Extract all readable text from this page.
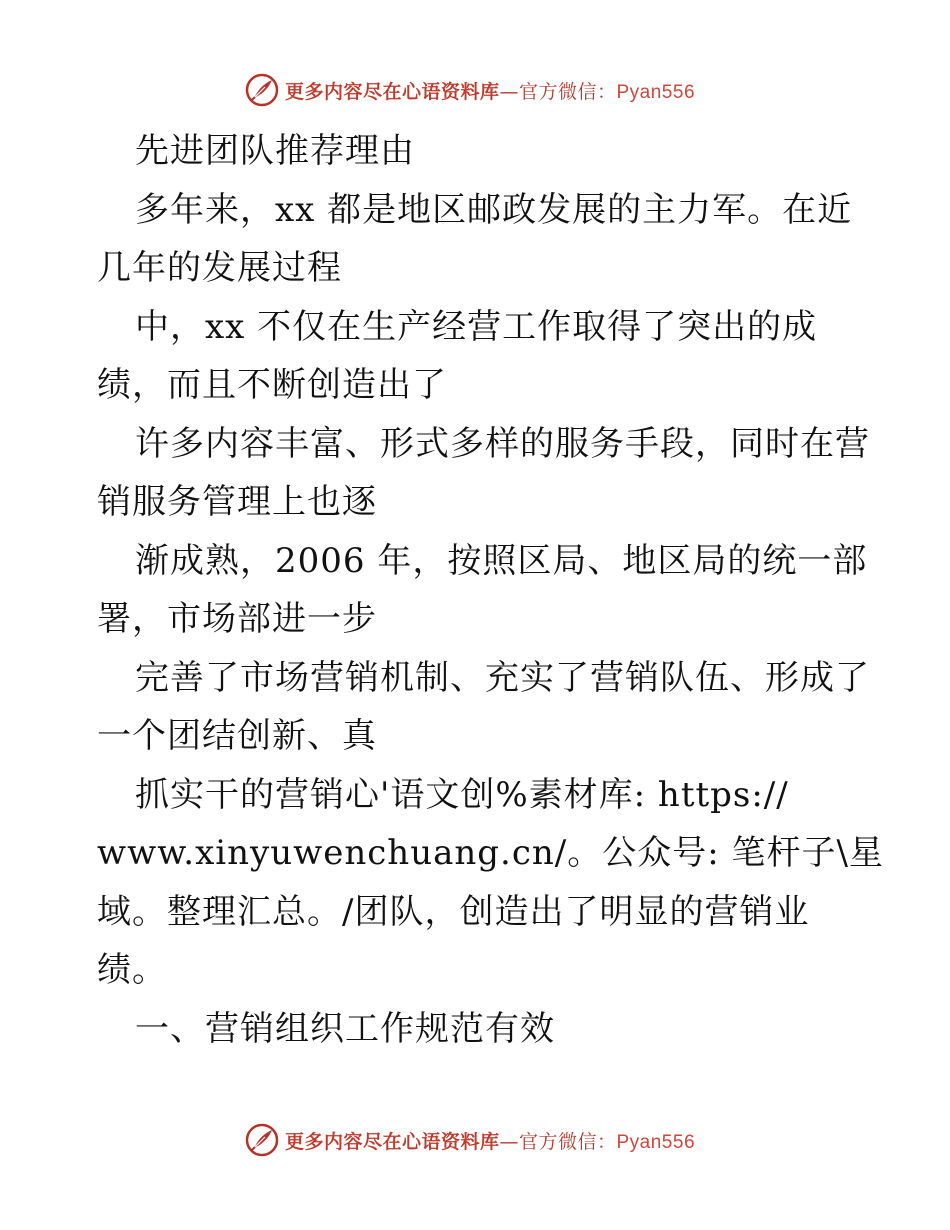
更多内容尽在心语资料库—官方微信：Pyan556
先进团队推荐理由
多年来，xx 都是地区邮政发展的主力军。在近
几年的发展过程
中，xx 不仅在生产经营工作取得了突出的成
绩，而且不断创造出了
许多内容丰富、形式多样的服务手段，同时在营
销服务管理上也逐
渐成熟，2006 年，按照区局、地区局的统一部
署，市场部进一步
完善了市场营销机制、充实了营销队伍、形成了
一个团结创新、真
抓实干的营销心'语文创%素材库: https://
www.xinyuwenchuang.cn/。公众号: 笔杆子\星
域。整理汇总。/团队，创造出了明显的营销业
绩。
一、营销组织工作规范有效
更多内容尽在心语资料库—官方微信：Pyan556
